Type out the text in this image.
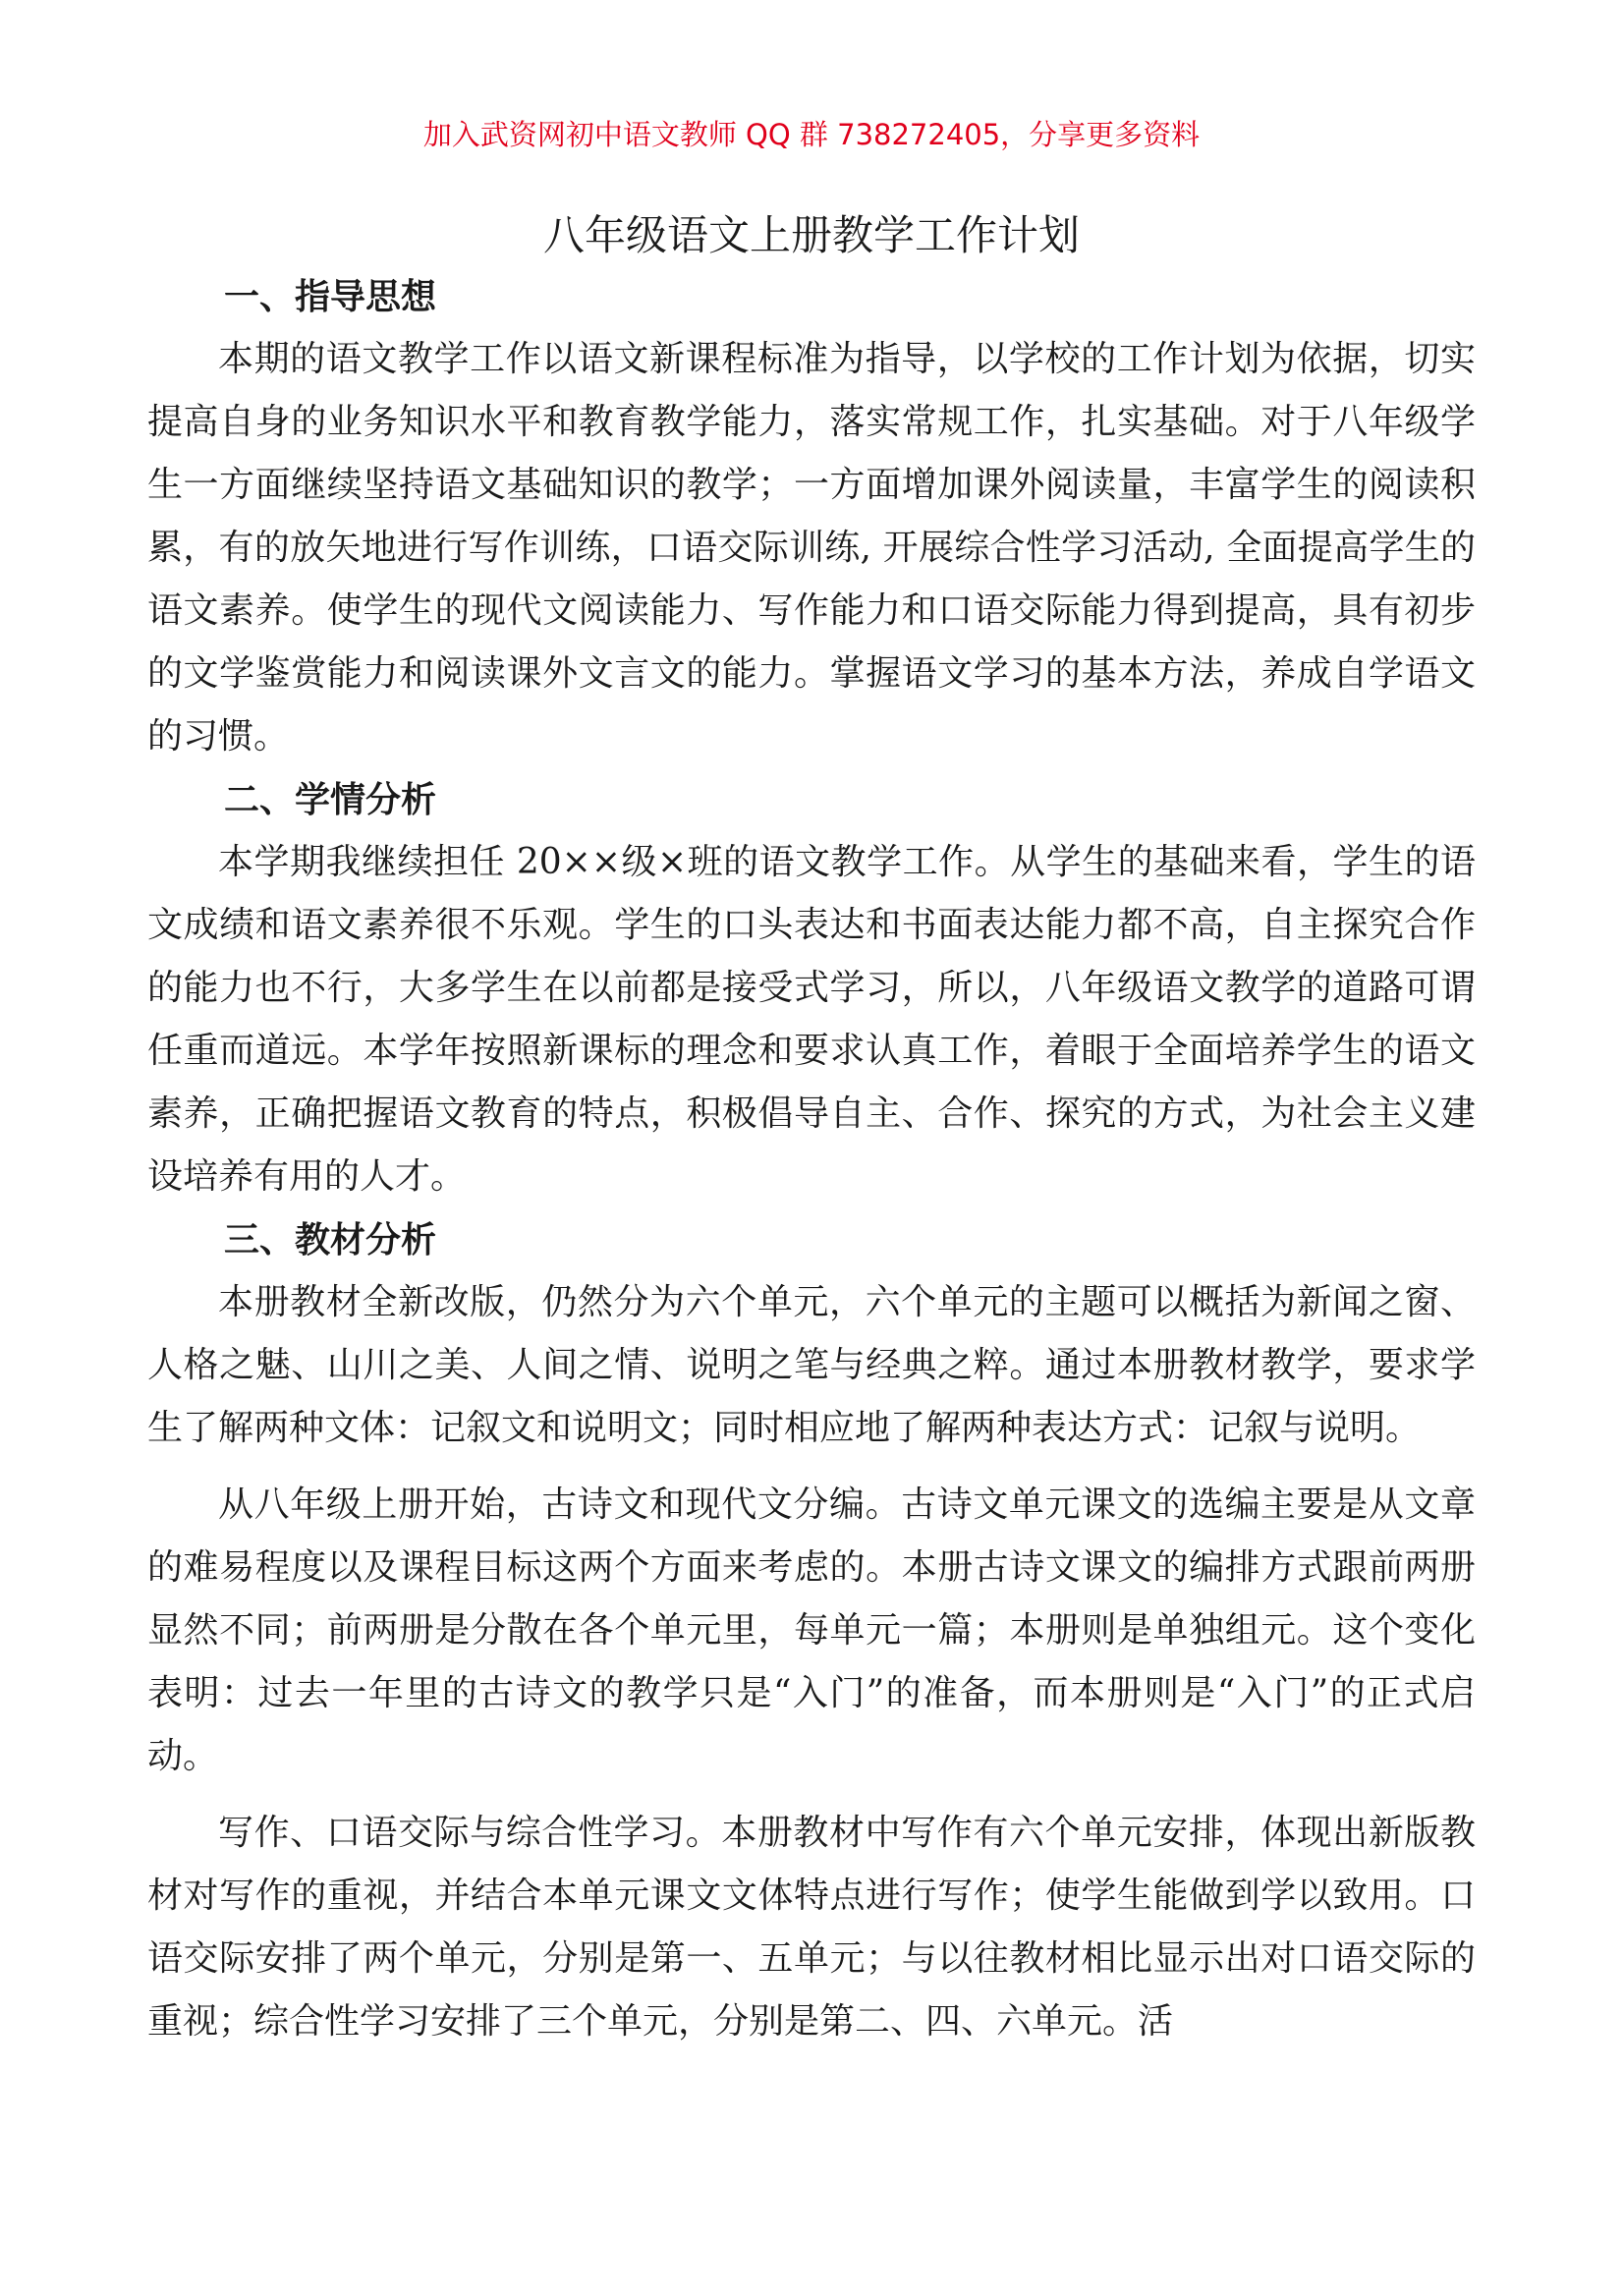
加入武资网初中语文教师 QQ 群 738272405，分享更多资料
八年级语文上册教学工作计划

一、指导思想

本期的语文教学工作以语文新课程标准为指导，以学校的工作计划为依据，切实提高自身的业务知识水平和教育教学能力，落实常规工作，扎实基础。对于八年级学生一方面继续坚持语文基础知识的教学；一方面增加课外阅读量，丰富学生的阅读积累，有的放矢地进行写作训练，口语交际训练, 开展综合性学习活动, 全面提高学生的语文素养。使学生的现代文阅读能力、写作能力和口语交际能力得到提高，具有初步的文学鉴赏能力和阅读课外文言文的能力。掌握语文学习的基本方法，养成自学语文的习惯。

二、学情分析

本学期我继续担任 20××级×班的语文教学工作。从学生的基础来看，学生的语文成绩和语文素养很不乐观。学生的口头表达和书面表达能力都不高，自主探究合作的能力也不行，大多学生在以前都是接受式学习，所以，八年级语文教学的道路可谓任重而道远。本学年按照新课标的理念和要求认真工作，着眼于全面培养学生的语文素养，正确把握语文教育的特点，积极倡导自主、合作、探究的方式，为社会主义建设培养有用的人才。

三、教材分析

本册教材全新改版，仍然分为六个单元，六个单元的主题可以概括为新闻之窗、人格之魅、山川之美、人间之情、说明之笔与经典之粹。通过本册教材教学，要求学生了解两种文体：记叙文和说明文；同时相应地了解两种表达方式：记叙与说明。

从八年级上册开始，古诗文和现代文分编。古诗文单元课文的选编主要是从文章的难易程度以及课程目标这两个方面来考虑的。本册古诗文课文的编排方式跟前两册显然不同；前两册是分散在各个单元里，每单元一篇；本册则是单独组元。这个变化表明：过去一年里的古诗文的教学只是“入门”的准备，而本册则是“入门”的正式启动。

写作、口语交际与综合性学习。本册教材中写作有六个单元安排，体现出新版教材对写作的重视，并结合本单元课文文体特点进行写作；使学生能做到学以致用。口语交际安排了两个单元，分别是第一、五单元；与以往教材相比显示出对口语交际的重视；综合性学习安排了三个单元，分别是第二、四、六单元。活
